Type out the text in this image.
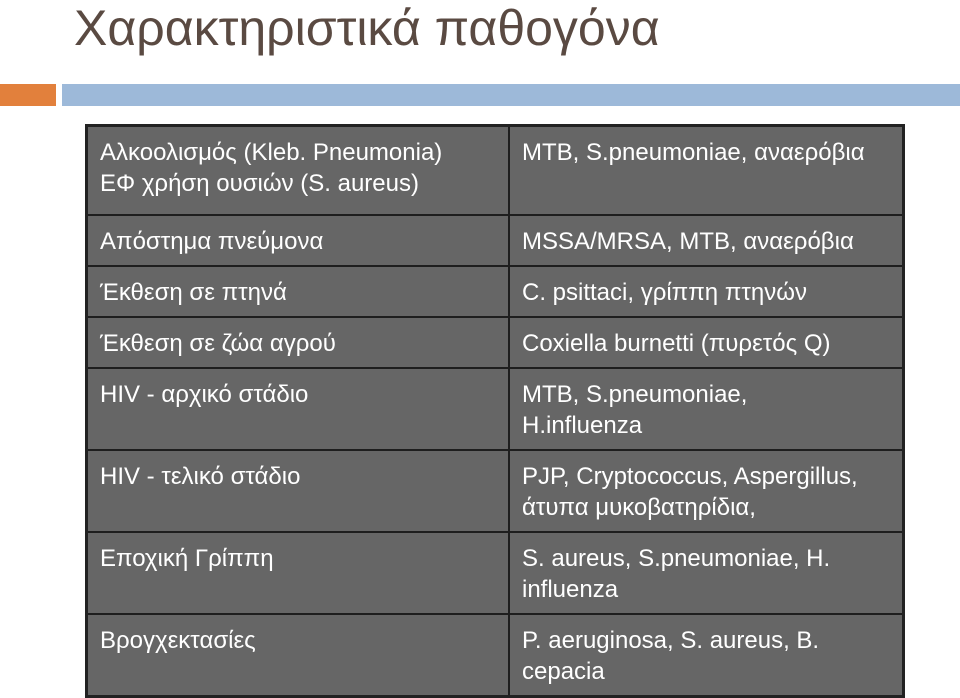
Χαρακτηριστικά παθογόνα
Αλκοολισμός (Kleb. Pneumonia)
ΕΦ χρήση ουσιών (S. aureus)	MTB, S.pneumoniae, αναερόβια

Απόστημα πνεύμονα	MSSA/MRSA, MTB, αναερόβια

Έκθεση σε πτηνά	C. psittaci, γρίππη πτηνών

Έκθεση σε ζώα αγρού	Coxiella burnetti (πυρετός Q)

HIV - αρχικό στάδιο	MTB, S.pneumoniae,
H.influenza

HIV - τελικό στάδιο	PJP, Cryptococcus, Aspergillus,
άτυπα μυκοβατηρίδια,

Εποχική Γρίππη	S. aureus, S.pneumoniae, H.
influenza

Βρογχεκτασίες	P. aeruginosa, S. aureus, B.
cepacia
